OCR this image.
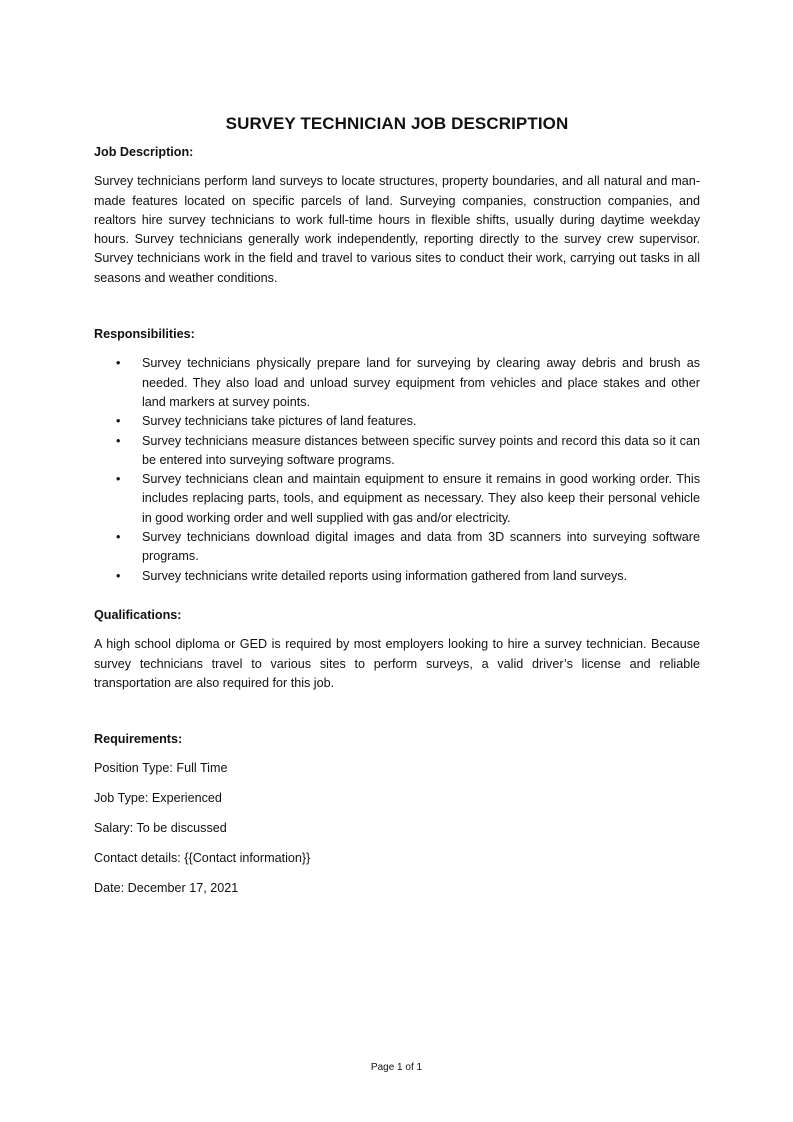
SURVEY TECHNICIAN JOB DESCRIPTION
Job Description:

Survey technicians perform land surveys to locate structures, property boundaries, and all natural and man-made features located on specific parcels of land. Surveying companies, construction companies, and realtors hire survey technicians to work full-time hours in flexible shifts, usually during daytime weekday hours. Survey technicians generally work independently, reporting directly to the survey crew supervisor. Survey technicians work in the field and travel to various sites to conduct their work, carrying out tasks in all seasons and weather conditions.

Responsibilities:
• Survey technicians physically prepare land for surveying by clearing away debris and brush as needed. They also load and unload survey equipment from vehicles and place stakes and other land markers at survey points.
• Survey technicians take pictures of land features.
• Survey technicians measure distances between specific survey points and record this data so it can be entered into surveying software programs.
• Survey technicians clean and maintain equipment to ensure it remains in good working order. This includes replacing parts, tools, and equipment as necessary. They also keep their personal vehicle in good working order and well supplied with gas and/or electricity.
• Survey technicians download digital images and data from 3D scanners into surveying software programs.
• Survey technicians write detailed reports using information gathered from land surveys.
Qualifications:

A high school diploma or GED is required by most employers looking to hire a survey technician. Because survey technicians travel to various sites to perform surveys, a valid driver’s license and reliable transportation are also required for this job.

Requirements:
Position Type: Full Time
Job Type: Experienced
Salary: To be discussed
Contact details: {{Contact information}}
Date: December 17, 2021
Page 1 of 1
